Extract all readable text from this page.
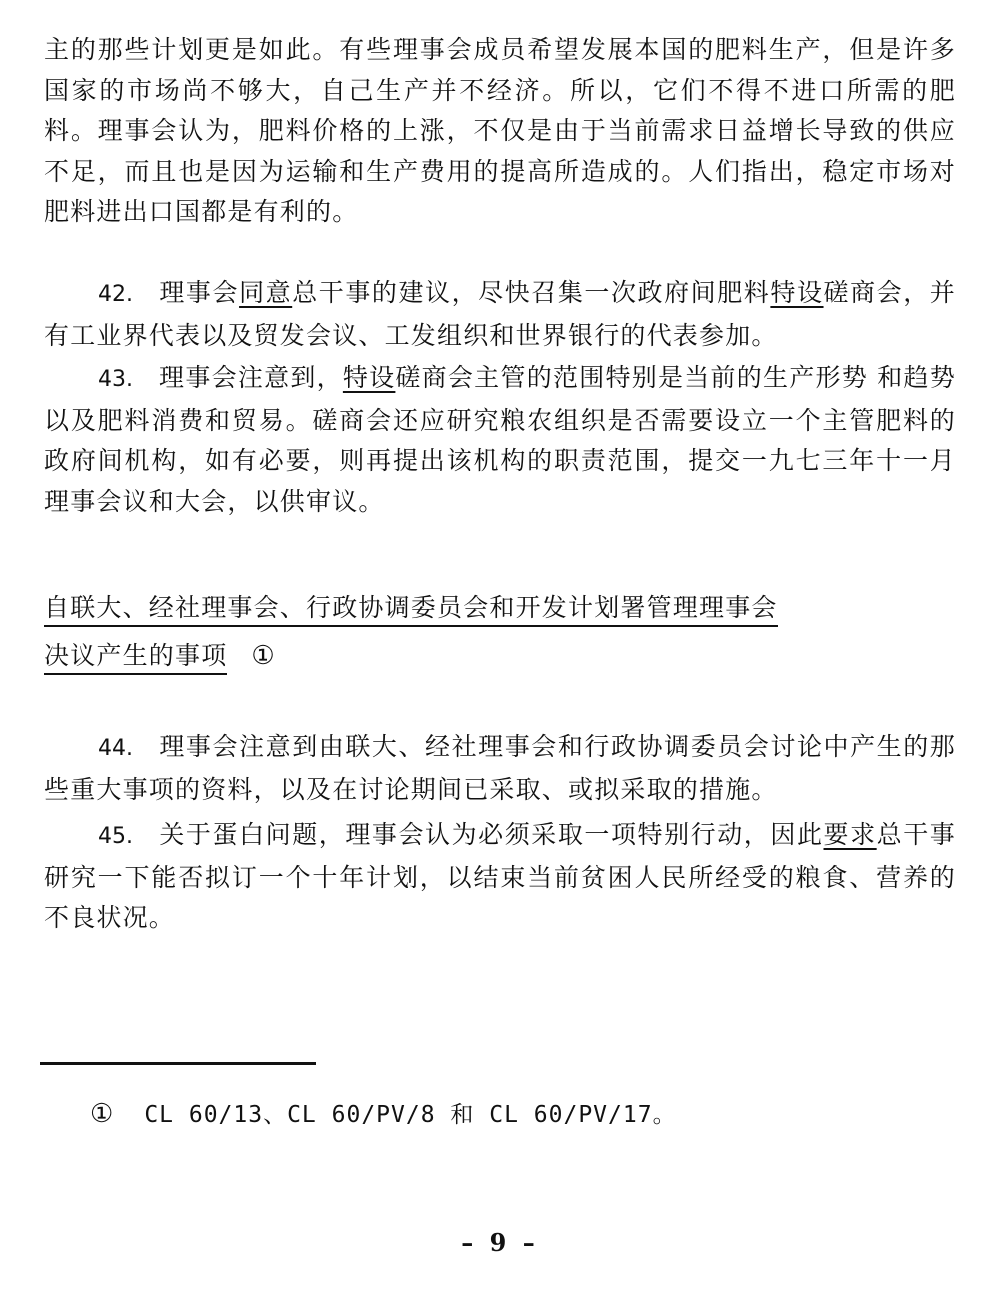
主的那些计划更是如此。有些理事会成员希望发展本国的肥料生产，但是许多国家的市场尚不够大，自己生产并不经济。所以，它们不得不进口所需的肥料。理事会认为，肥料价格的上涨，不仅是由于当前需求日益增长导致的供应不足，而且也是因为运输和生产费用的提高所造成的。人们指出，稳定市场对肥料进出口国都是有利的。

42. 理事会同意总干事的建议，尽快召集一次政府间肥料特设磋商会，并有工业界代表以及贸发会议、工发组织和世界银行的代表参加。

43. 理事会注意到，特设磋商会主管的范围特别是当前的生产形势 和趋势以及肥料消费和贸易。磋商会还应研究粮农组织是否需要设立一个主管肥料的政府间机构，如有必要，则再提出该机构的职责范围，提交一九七三年十一月理事会议和大会，以供审议。

自联大、经社理事会、行政协调委员会和开发计划署管理理事会
决议产生的事项 ①

44. 理事会注意到由联大、经社理事会和行政协调委员会讨论中产生的那些重大事项的资料，以及在讨论期间已采取、或拟采取的措施。

45. 关于蛋白问题，理事会认为必须采取一项特别行动，因此要求总干事研究一下能否拟订一个十年计划，以结束当前贫困人民所经受的粮食、营养的不良状况。

① CL 60/13、CL 60/PV/8 和 CL 60/PV/17。

– 9 –
